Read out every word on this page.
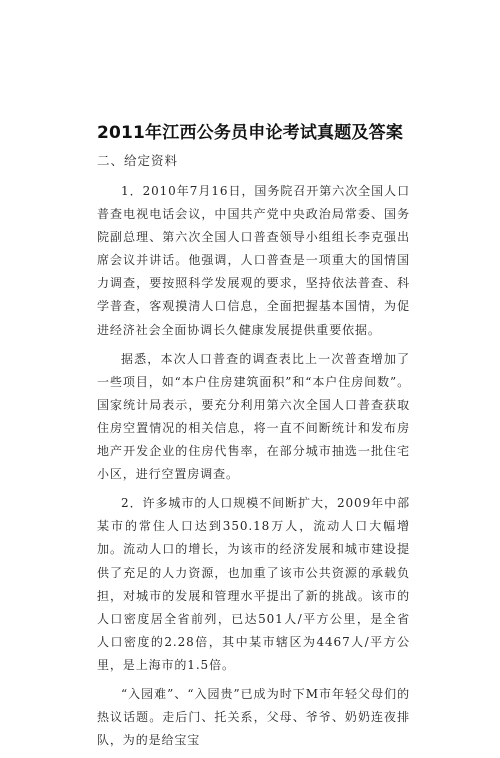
2011年江西公务员申论考试真题及答案
二、给定资料

1．2010年7月16日，国务院召开第六次全国人口普查电视电话会议，中国共产党中央政治局常委、国务院副总理、第六次全国人口普查领导小组组长李克强出席会议并讲话。他强调，人口普查是一项重大的国情国力调查，要按照科学发展观的要求，坚持依法普查、科学普查，客观摸清人口信息，全面把握基本国情，为促进经济社会全面协调长久健康发展提供重要依据。

据悉，本次人口普查的调查表比上一次普查增加了一些项目，如“本户住房建筑面积”和“本户住房间数”。国家统计局表示，要充分利用第六次全国人口普查获取住房空置情况的相关信息，将一直不间断统计和发布房地产开发企业的住房代售率，在部分城市抽选一批住宅小区，进行空置房调查。

2．许多城市的人口规模不间断扩大，2009年中部某市的常住人口达到350.18万人，流动人口大幅增加。流动人口的增长，为该市的经济发展和城市建设提供了充足的人力资源，也加重了该市公共资源的承载负担，对城市的发展和管理水平提出了新的挑战。该市的人口密度居全省前列，已达501人/平方公里，是全省人口密度的2.28倍，其中某市辖区为4467人/平方公里，是上海市的1.5倍。

“入园难”、“入园贵”已成为时下M市年轻父母们的热议话题。走后门、托关系，父母、爷爷、奶奶连夜排队，为的是给宝宝
